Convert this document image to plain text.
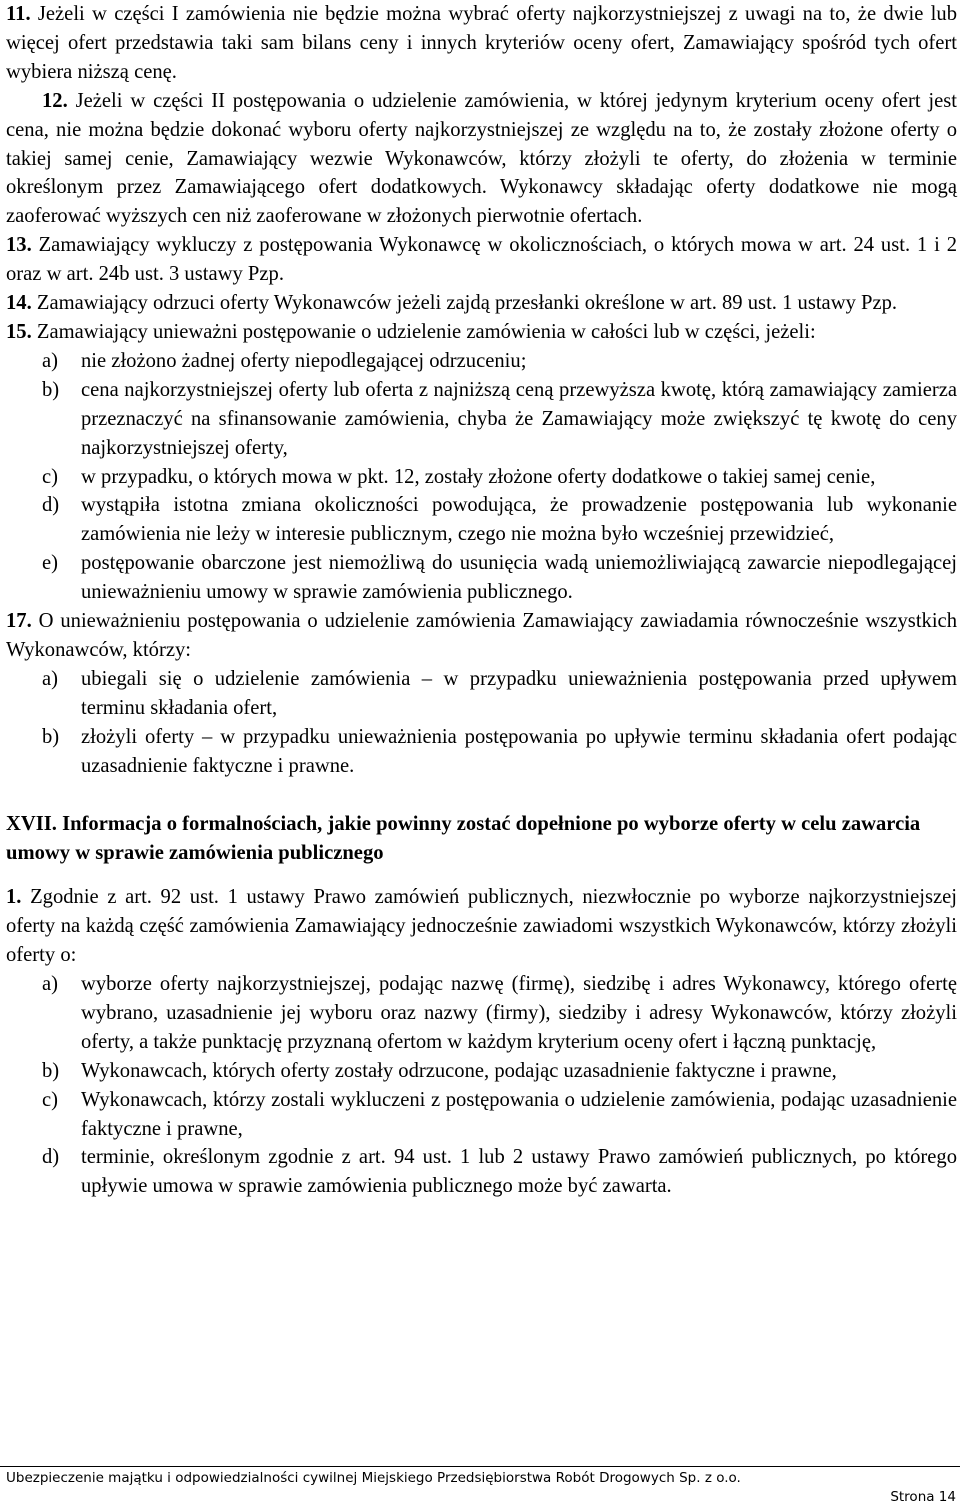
11. Jeżeli w części I zamówienia nie będzie można wybrać oferty najkorzystniejszej z uwagi na to, że dwie lub więcej ofert przedstawia taki sam bilans ceny i innych kryteriów oceny ofert, Zamawiający spośród tych ofert wybiera niższą cenę.

12. Jeżeli w części II postępowania o udzielenie zamówienia, w której jedynym kryterium oceny ofert jest cena, nie można będzie dokonać wyboru oferty najkorzystniejszej ze względu na to, że zostały złożone oferty o takiej samej cenie, Zamawiający wezwie Wykonawców, którzy złożyli te oferty, do złożenia w terminie określonym przez Zamawiającego ofert dodatkowych. Wykonawcy składając oferty dodatkowe nie mogą zaoferować wyższych cen niż zaoferowane w złożonych pierwotnie ofertach.

13. Zamawiający wykluczy z postępowania Wykonawcę w okolicznościach, o których mowa w art. 24 ust. 1 i 2 oraz w art. 24b ust. 3 ustawy Pzp.

14. Zamawiający odrzuci oferty Wykonawców jeżeli zajdą przesłanki określone w art. 89 ust. 1 ustawy Pzp.

15. Zamawiający unieważni postępowanie o udzielenie zamówienia w całości lub w części, jeżeli:

a) nie złożono żadnej oferty niepodlegającej odrzuceniu;
b) cena najkorzystniejszej oferty lub oferta z najniższą ceną przewyższa kwotę, którą zamawiający zamierza przeznaczyć na sfinansowanie zamówienia, chyba że Zamawiający może zwiększyć tę kwotę do ceny najkorzystniejszej oferty,
c) w przypadku, o których mowa w pkt. 12, zostały złożone oferty dodatkowe o takiej samej cenie,
d) wystąpiła istotna zmiana okoliczności powodująca, że prowadzenie postępowania lub wykonanie zamówienia nie leży w interesie publicznym, czego nie można było wcześniej przewidzieć,
e) postępowanie obarczone jest niemożliwą do usunięcia wadą uniemożliwiającą zawarcie niepodlegającej unieważnieniu umowy w sprawie zamówienia publicznego.

17. O unieważnieniu postępowania o udzielenie zamówienia Zamawiający zawiadamia równocześnie wszystkich Wykonawców, którzy:

a) ubiegali się o udzielenie zamówienia – w przypadku unieważnienia postępowania przed upływem terminu składania ofert,
b) złożyli oferty – w przypadku unieważnienia postępowania po upływie terminu składania ofert podając uzasadnienie faktyczne i prawne.

XVII. Informacja o formalnościach, jakie powinny zostać dopełnione po wyborze oferty w celu zawarcia umowy w sprawie zamówienia publicznego

1. Zgodnie z art. 92 ust. 1 ustawy Prawo zamówień publicznych, niezwłocznie po wyborze najkorzystniejszej oferty na każdą część zamówienia Zamawiający jednocześnie zawiadomi wszystkich Wykonawców, którzy złożyli oferty o:

a) wyborze oferty najkorzystniejszej, podając nazwę (firmę), siedzibę i adres Wykonawcy, którego ofertę wybrano, uzasadnienie jej wyboru oraz nazwy (firmy), siedziby i adresy Wykonawców, którzy złożyli oferty, a także punktację przyznaną ofertom w każdym kryterium oceny ofert i łączną punktację,
b) Wykonawcach, których oferty zostały odrzucone, podając uzasadnienie faktyczne i prawne,
c) Wykonawcach, którzy zostali wykluczeni z postępowania o udzielenie zamówienia, podając uzasadnienie faktyczne i prawne,
d) terminie, określonym zgodnie z art. 94 ust. 1 lub 2 ustawy Prawo zamówień publicznych, po którego upływie umowa w sprawie zamówienia publicznego może być zawarta.
Ubezpieczenie majątku i odpowiedzialności cywilnej Miejskiego Przedsiębiorstwa Robót Drogowych Sp. z o.o.
Strona 14
